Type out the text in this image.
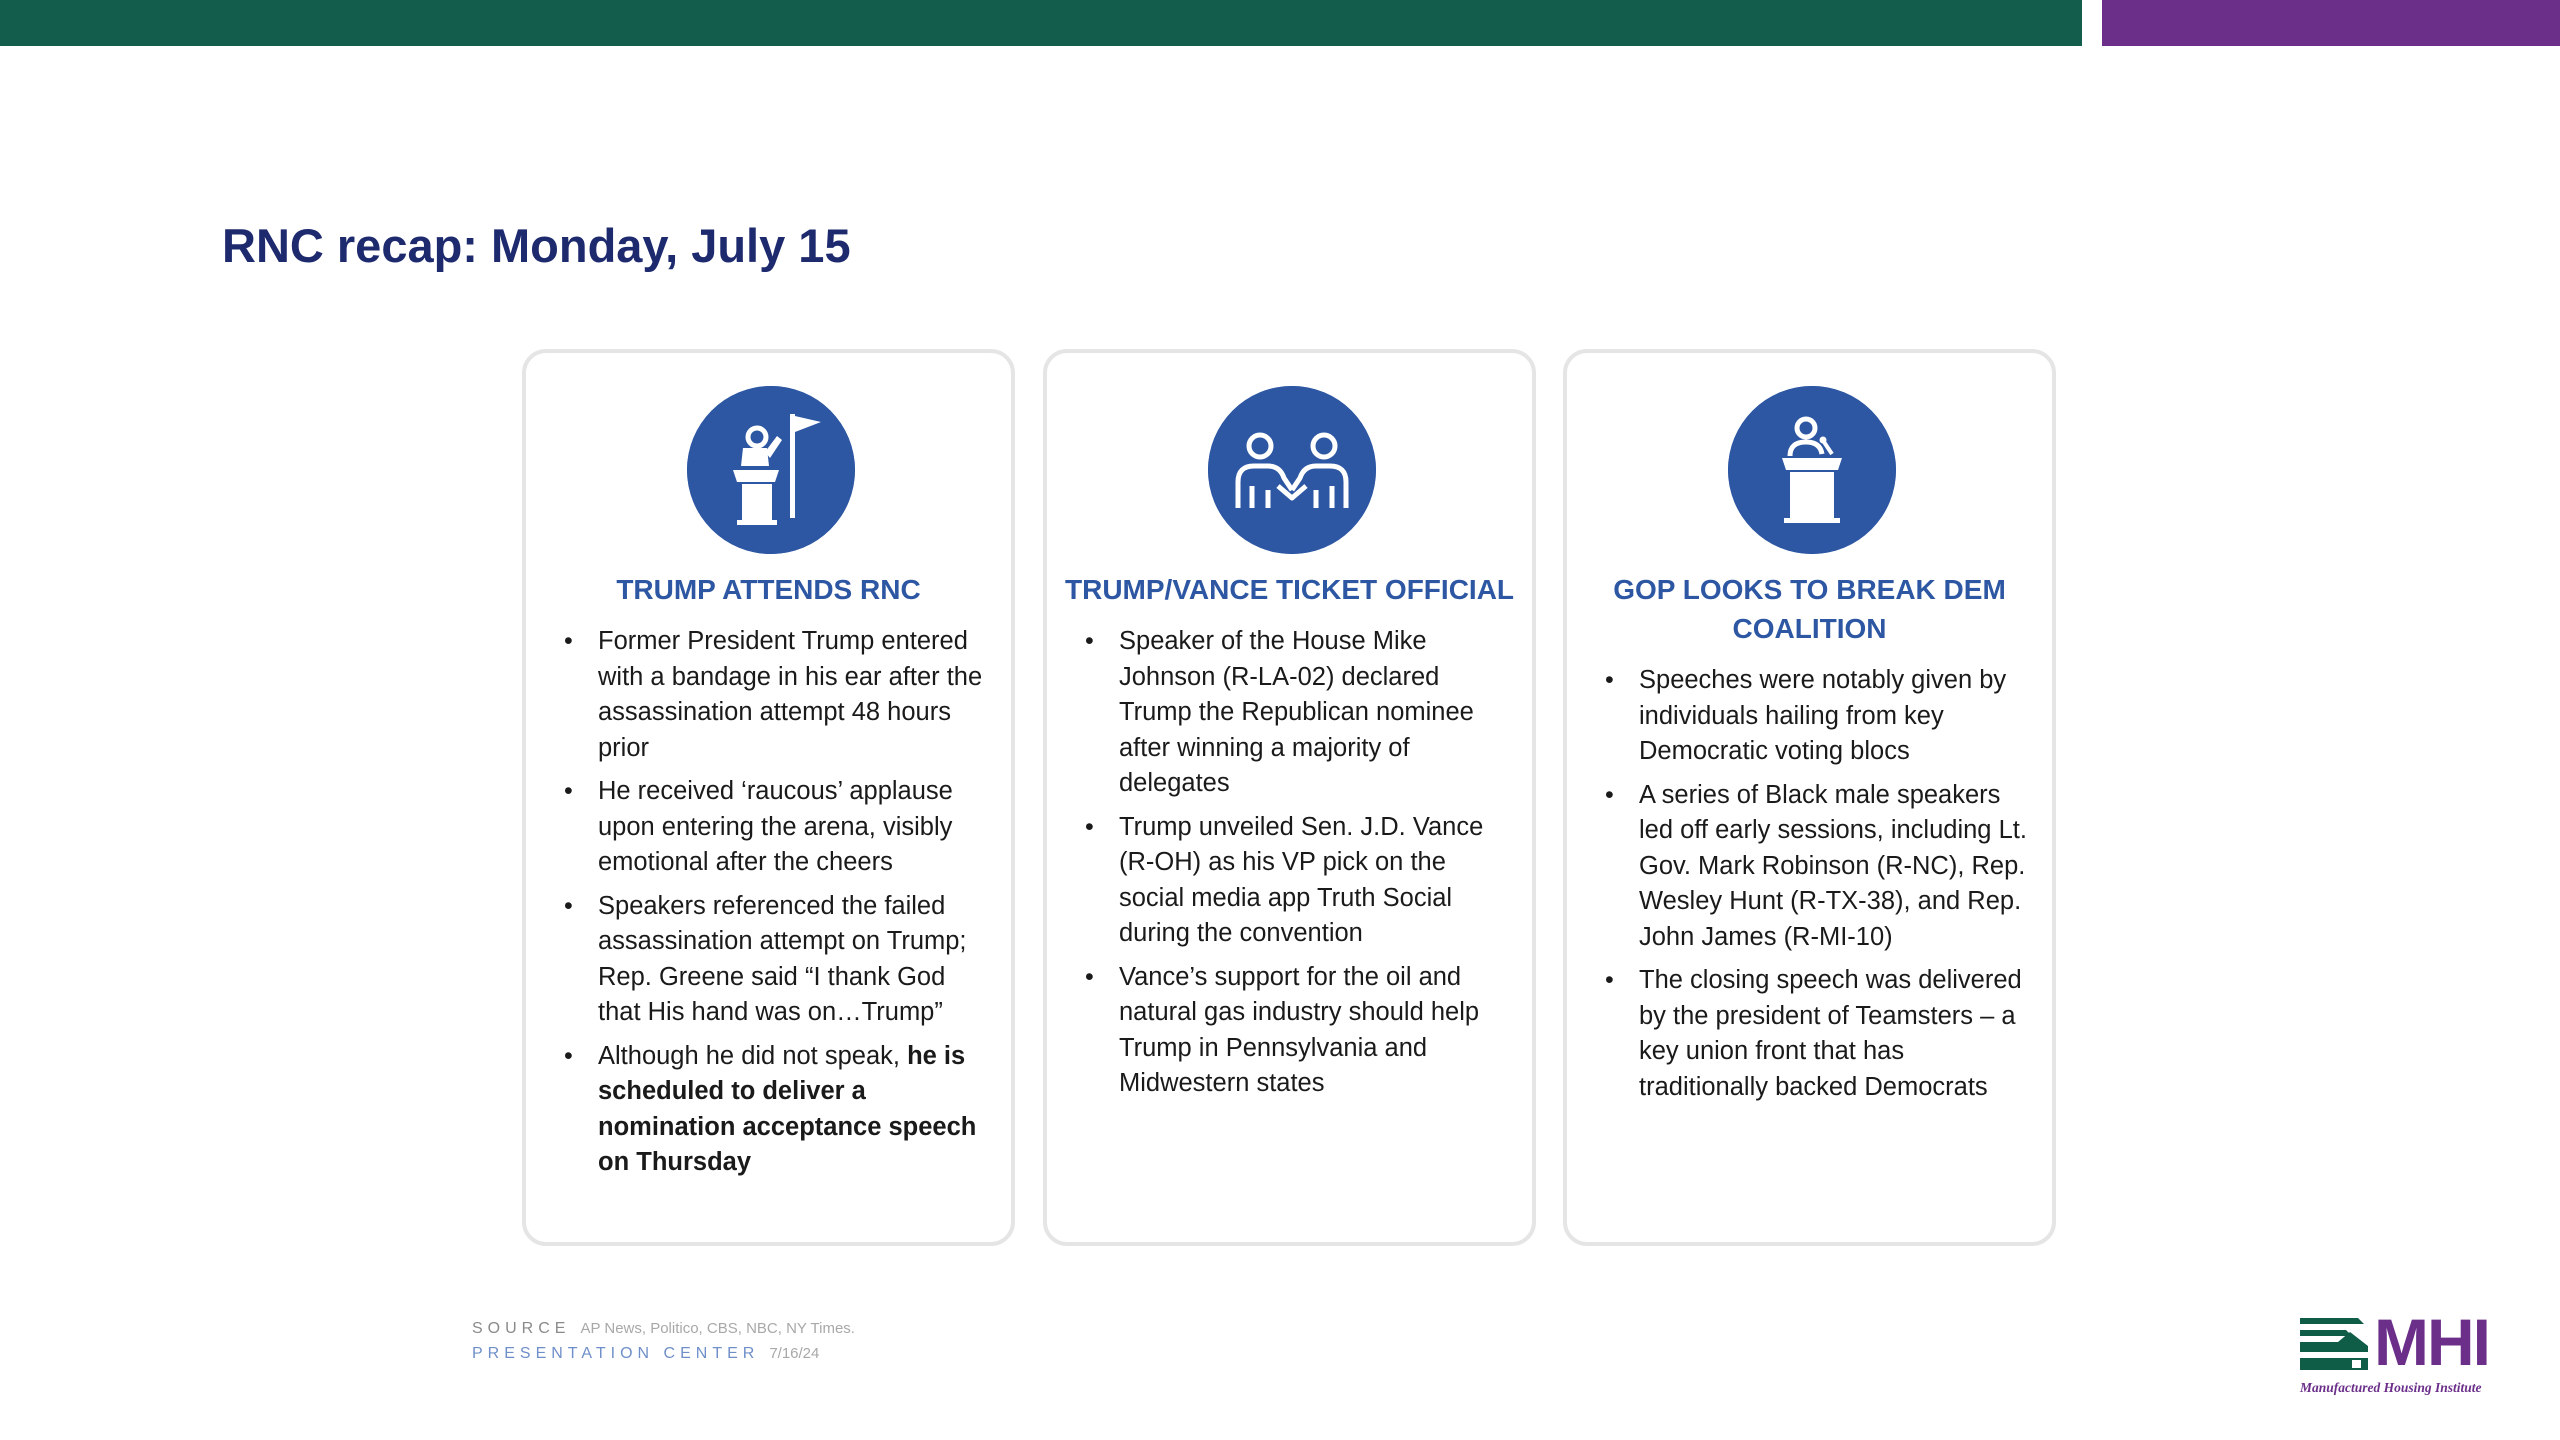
RNC recap: Monday, July 15
TRUMP ATTENDS RNC
• Former President Trump entered with a bandage in his ear after the assassination attempt 48 hours prior
• He received ‘raucous’ applause upon entering the arena, visibly emotional after the cheers
• Speakers referenced the failed assassination attempt on Trump; Rep. Greene said “I thank God that His hand was on…Trump”
• Although he did not speak, he is scheduled to deliver a nomination acceptance speech on Thursday
TRUMP/VANCE TICKET OFFICIAL
• Speaker of the House Mike Johnson (R-LA-02) declared Trump the Republican nominee after winning a majority of delegates
• Trump unveiled Sen. J.D. Vance (R-OH) as his VP pick on the social media app Truth Social during the convention
• Vance’s support for the oil and natural gas industry should help Trump in Pennsylvania and Midwestern states
GOP LOOKS TO BREAK DEM COALITION
• Speeches were notably given by individuals hailing from key Democratic voting blocs
• A series of Black male speakers led off early sessions, including Lt. Gov. Mark Robinson (R-NC), Rep. Wesley Hunt (R-TX-38), and Rep. John James (R-MI-10)
• The closing speech was delivered by the president of Teamsters – a key union front that has traditionally backed Democrats
SOURCE AP News, Politico, CBS, NBC, NY Times.
PRESENTATION CENTER 7/16/24	MHI
Manufactured Housing Institute
